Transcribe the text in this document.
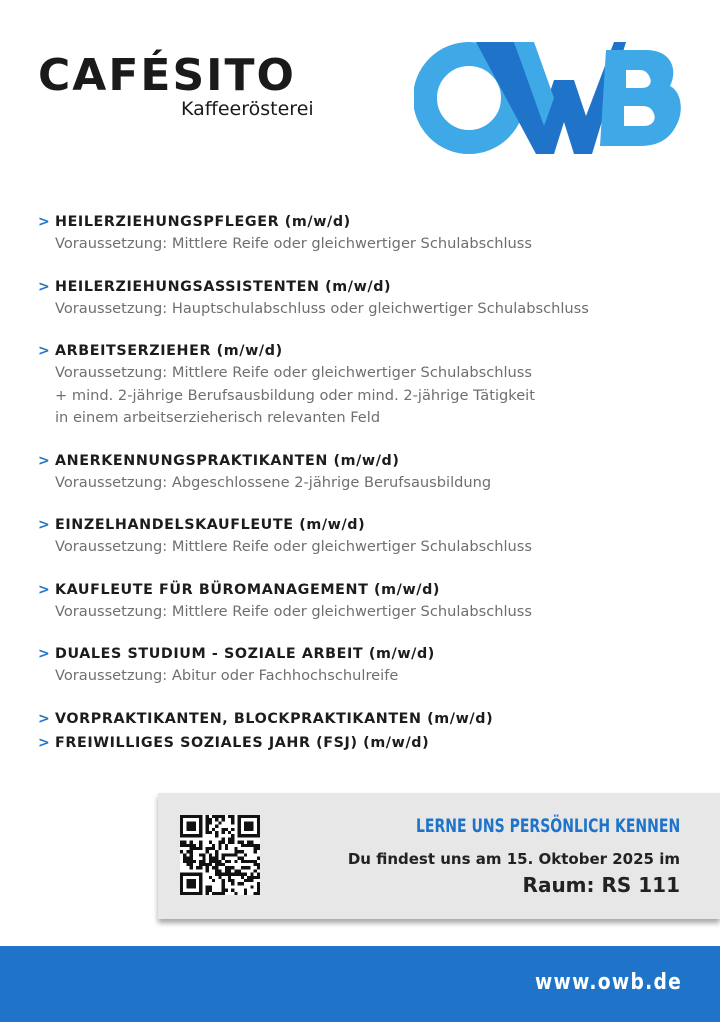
CAFÉSITO
Kaffeerösterei
> HEILERZIEHUNGSPFLEGER (m/w/d)
Voraussetzung: Mittlere Reife oder gleichwertiger Schulabschluss
> HEILERZIEHUNGSASSISTENTEN (m/w/d)
Voraussetzung: Hauptschulabschluss oder gleichwertiger Schulabschluss
> ARBEITSERZIEHER (m/w/d)
Voraussetzung: Mittlere Reife oder gleichwertiger Schulabschluss
+ mind. 2-jährige Berufsausbildung oder mind. 2-jährige Tätigkeit
in einem arbeitserzieherisch relevanten Feld
> ANERKENNUNGSPRAKTIKANTEN (m/w/d)
Voraussetzung: Abgeschlossene 2-jährige Berufsausbildung
> EINZELHANDELSKAUFLEUTE (m/w/d)
Voraussetzung: Mittlere Reife oder gleichwertiger Schulabschluss
> KAUFLEUTE FÜR BÜROMANAGEMENT (m/w/d)
Voraussetzung: Mittlere Reife oder gleichwertiger Schulabschluss
> DUALES STUDIUM - SOZIALE ARBEIT (m/w/d)
Voraussetzung: Abitur oder Fachhochschulreife
> VORPRAKTIKANTEN, BLOCKPRAKTIKANTEN (m/w/d)
> FREIWILLIGES SOZIALES JAHR (FSJ) (m/w/d)
LERNE UNS PERSÖNLICH KENNEN
Du findest uns am 15. Oktober 2025 im
Raum: RS 111
www.owb.de
